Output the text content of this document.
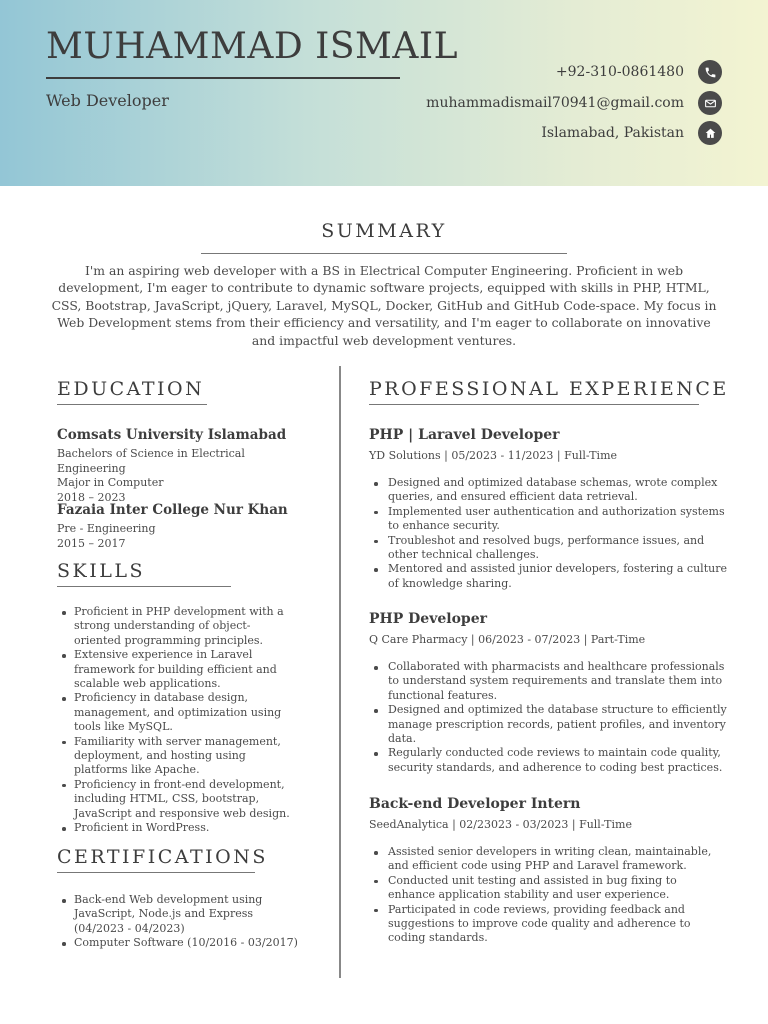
MUHAMMAD ISMAIL
Web Developer
+92-310-0861480
muhammadismail70941@gmail.com
Islamabad, Pakistan
SUMMARY

I'm an aspiring web developer with a BS in Electrical Computer Engineering. Proficient in web development, I'm eager to contribute to dynamic software projects, equipped with skills in PHP, HTML, CSS, Bootstrap, JavaScript, jQuery, Laravel, MySQL, Docker, GitHub and GitHub Code-space. My focus in Web Development stems from their efficiency and versatility, and I'm eager to collaborate on innovative and impactful web development ventures.

EDUCATION
Comsats University Islamabad
Bachelors of Science in Electrical Engineering
Major in Computer
2018 – 2023
Fazaia Inter College Nur Khan
Pre - Engineering
2015 – 2017
SKILLS
Proficient in PHP development with a strong understanding of object-oriented programming principles.
Extensive experience in Laravel framework for building efficient and scalable web applications.
Proficiency in database design, management, and optimization using tools like MySQL.
Familiarity with server management, deployment, and hosting using platforms like Apache.
Proficiency in front-end development, including HTML, CSS, bootstrap, JavaScript and responsive web design.
Proficient in WordPress.
CERTIFICATIONS
Back-end Web development using JavaScript, Node.js and Express (04/2023 - 04/2023)
Computer Software (10/2016 - 03/2017)
PROFESSIONAL EXPERIENCE
PHP | Laravel Developer
YD Solutions | 05/2023 - 11/2023 | Full-Time
Designed and optimized database schemas, wrote complex queries, and ensured efficient data retrieval.
Implemented user authentication and authorization systems to enhance security.
Troubleshot and resolved bugs, performance issues, and other technical challenges.
Mentored and assisted junior developers, fostering a culture of knowledge sharing.
PHP Developer
Q Care Pharmacy | 06/2023 - 07/2023 | Part-Time
Collaborated with pharmacists and healthcare professionals to understand system requirements and translate them into functional features.
Designed and optimized the database structure to efficiently manage prescription records, patient profiles, and inventory data.
Regularly conducted code reviews to maintain code quality, security standards, and adherence to coding best practices.
Back-end Developer Intern
SeedAnalytica | 02/23023 - 03/2023 | Full-Time
Assisted senior developers in writing clean, maintainable, and efficient code using PHP and Laravel framework.
Conducted unit testing and assisted in bug fixing to enhance application stability and user experience.
Participated in code reviews, providing feedback and suggestions to improve code quality and adherence to coding standards.
